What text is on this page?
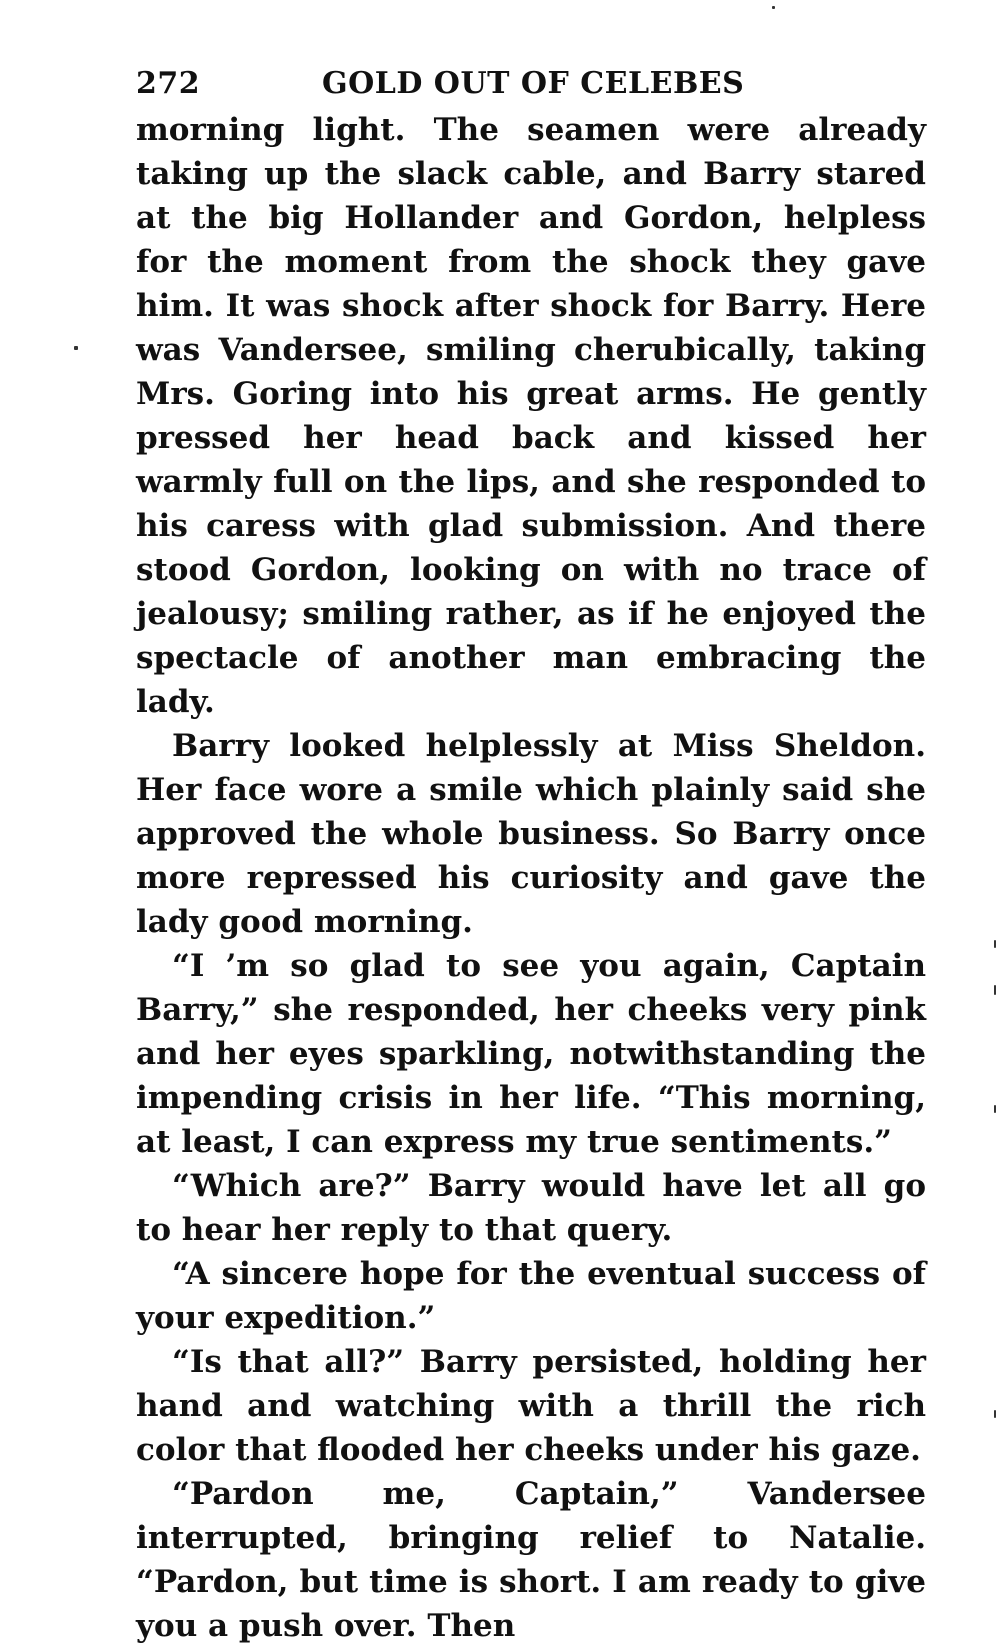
272	GOLD OUT OF CELEBES

morning light. The seamen were already taking up the slack cable, and Barry stared at the big Hollander and Gordon, helpless for the moment from the shock they gave him. It was shock after shock for Barry. Here was Vandersee, smiling cherubically, taking Mrs. Goring into his great arms. He gently pressed her head back and kissed her warmly full on the lips, and she responded to his caress with glad submission. And there stood Gordon, looking on with no trace of jealousy; smiling rather, as if he enjoyed the spectacle of another man embracing the lady.

Barry looked helplessly at Miss Sheldon. Her face wore a smile which plainly said she approved the whole business. So Barry once more repressed his curiosity and gave the lady good morning.

“I ’m so glad to see you again, Captain Barry,” she responded, her cheeks very pink and her eyes sparkling, notwithstanding the impending crisis in her life. “This morning, at least, I can express my true sentiments.”

“Which are?” Barry would have let all go to hear her reply to that query.

“A sincere hope for the eventual success of your expedition.”

“Is that all?” Barry persisted, holding her hand and watching with a thrill the rich color that flooded her cheeks under his gaze.

“Pardon me, Captain,” Vandersee interrupted, bringing relief to Natalie. “Pardon, but time is short. I am ready to give you a push over. Then
